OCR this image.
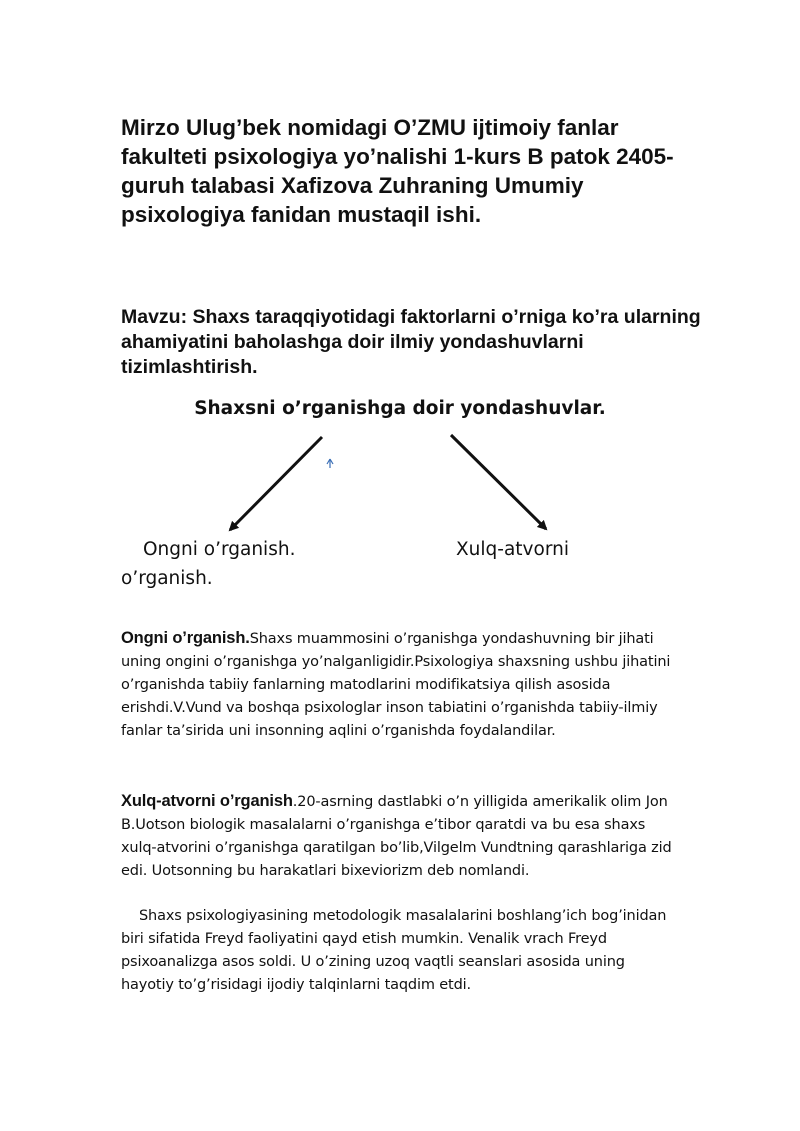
Mirzo Ulug’bek nomidagi O’ZMU ijtimoiy fanlar fakulteti psixologiya yo’nalishi 1-kurs B patok 2405-guruh talabasi Xafizova Zuhraning Umumiy psixologiya fanidan mustaqil ishi.
Mavzu: Shaxs taraqqiyotidagi faktorlarni o’rniga ko’ra ularning ahamiyatini baholashga doir ilmiy yondashuvlarni tizimlashtirish.
Shaxsni o’rganishga doir yondashuvlar.
Ongni o’rganish.
o’rganish.
Xulq-atvorni

Ongni o’rganish.Shaxs muammosini o’rganishga yondashuvning bir jihati uning ongini o’rganishga yo’nalganligidir.Psixologiya shaxsning ushbu jihatini o’rganishda tabiiy fanlarning matodlarini modifikatsiya qilish asosida erishdi.V.Vund va boshqa psixologlar inson tabiatini o’rganishda tabiiy-ilmiy fanlar ta’sirida uni insonning aqlini o’rganishda foydalandilar.

Xulq-atvorni o’rganish.20-asrning dastlabki o’n yilligida amerikalik olim Jon B.Uotson biologik masalalarni o’rganishga e’tibor qaratdi va bu esa shaxs xulq-atvorini o’rganishga qaratilgan bo’lib,Vilgelm Vundtning qarashlariga zid edi. Uotsonning bu harakatlari bixeviorizm deb nomlandi.

Shaxs psixologiyasining metodologik masalalarini boshlang’ich bog’inidan biri sifatida Freyd faoliyatini qayd etish mumkin. Venalik vrach Freyd psixoanalizga asos soldi. U o’zining uzoq vaqtli seanslari asosida uning hayotiy to’g’risidagi ijodiy talqinlarni taqdim etdi.
